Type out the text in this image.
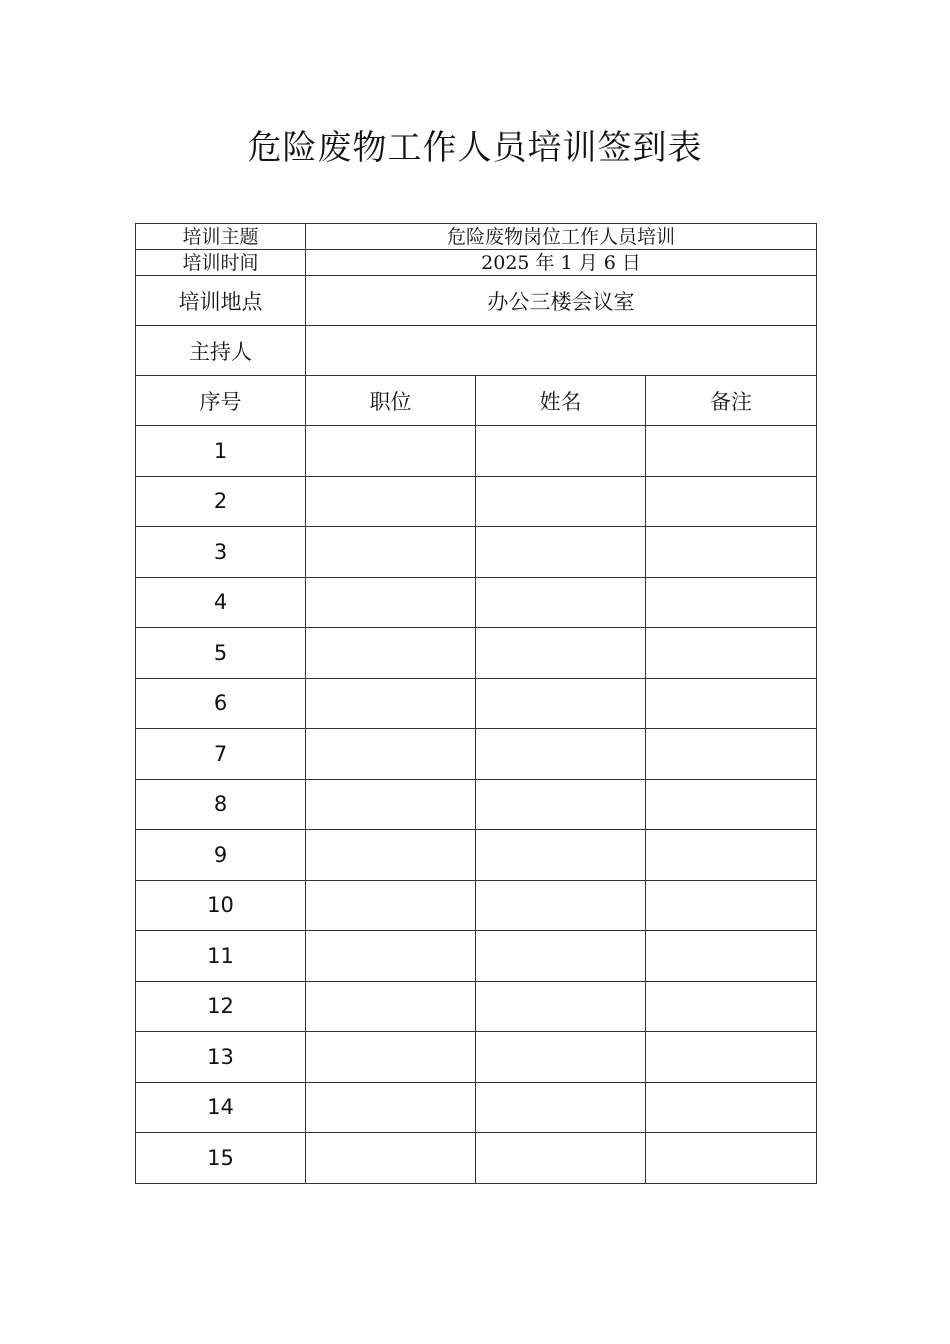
危险废物工作人员培训签到表
培训主题	危险废物岗位工作人员培训		
培训时间	2025 年 1 月 6 日		
培训地点	办公三楼会议室		
主持人			
序号	职位	姓名	备注
1			
2			
3			
4			
5			
6			
7			
8			
9			
10			
11			
12			
13			
14			
15			
